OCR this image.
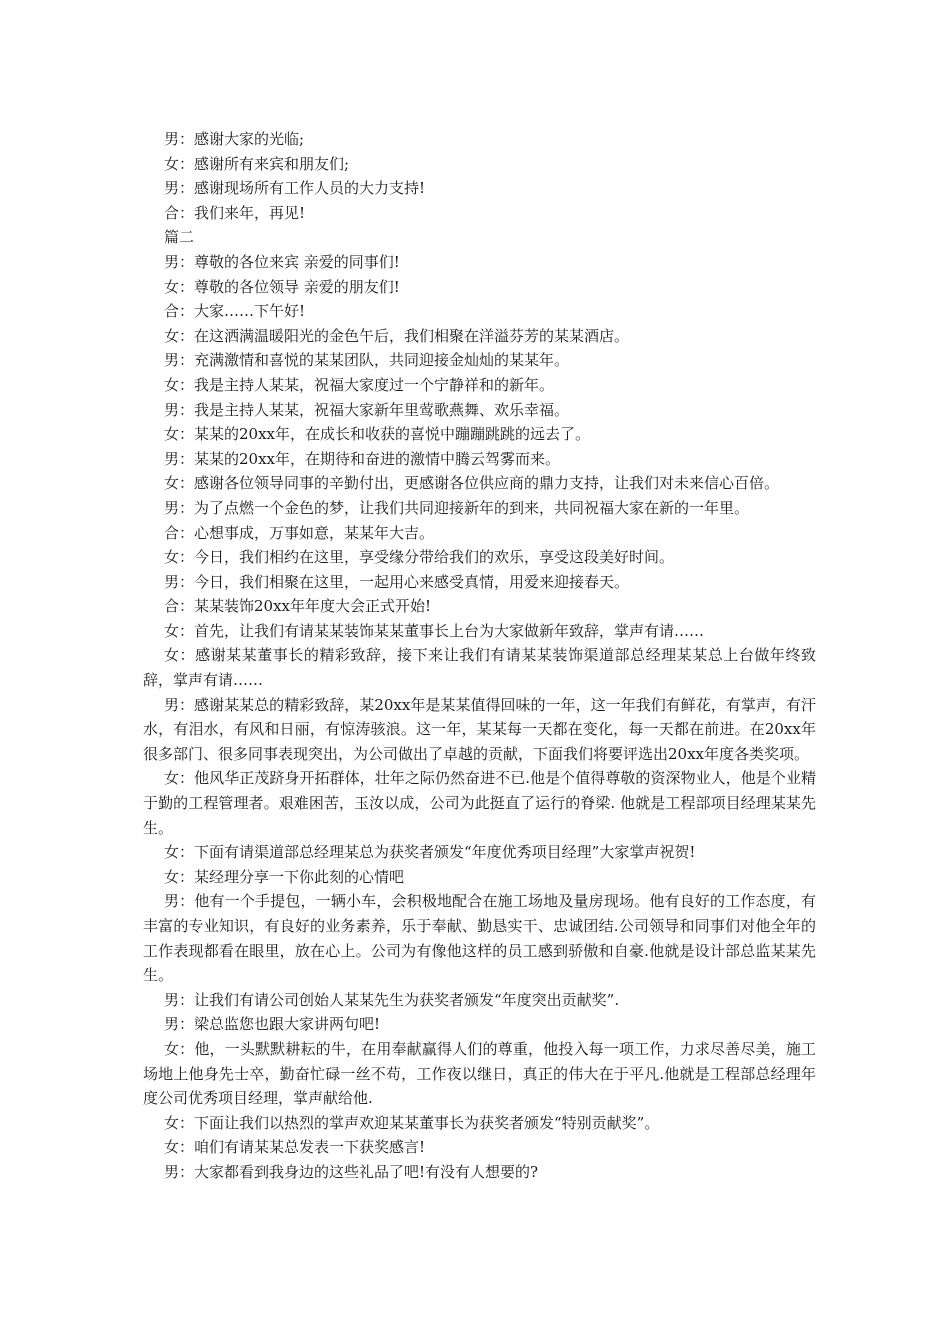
男：感谢大家的光临;

女：感谢所有来宾和朋友们;

男：感谢现场所有工作人员的大力支持!

合：我们来年，再见!

篇二

男：尊敬的各位来宾 亲爱的同事们!

女：尊敬的各位领导 亲爱的朋友们!

合：大家……下午好!

女：在这洒满温暖阳光的金色午后，我们相聚在洋溢芬芳的某某酒店。

男：充满激情和喜悦的某某团队，共同迎接金灿灿的某某年。

女：我是主持人某某，祝福大家度过一个宁静祥和的新年。

男：我是主持人某某，祝福大家新年里莺歌燕舞、欢乐幸福。

女：某某的20xx年，在成长和收获的喜悦中蹦蹦跳跳的远去了。

男：某某的20xx年，在期待和奋进的激情中腾云驾雾而来。

女：感谢各位领导同事的辛勤付出，更感谢各位供应商的鼎力支持，让我们对未来信心百倍。

男：为了点燃一个金色的梦，让我们共同迎接新年的到来，共同祝福大家在新的一年里。

合：心想事成，万事如意，某某年大吉。

女：今日，我们相约在这里，享受缘分带给我们的欢乐，享受这段美好时间。

男：今日，我们相聚在这里，一起用心来感受真情，用爱来迎接春天。

合：某某装饰20xx年年度大会正式开始!

女：首先，让我们有请某某装饰某某董事长上台为大家做新年致辞，掌声有请……

女：感谢某某董事长的精彩致辞，接下来让我们有请某某装饰渠道部总经理某某总上台做年终致辞，掌声有请……

男：感谢某某总的精彩致辞，某20xx年是某某值得回味的一年，这一年我们有鲜花，有掌声，有汗水，有泪水，有风和日丽，有惊涛骇浪。这一年，某某每一天都在变化，每一天都在前进。在20xx年很多部门、很多同事表现突出，为公司做出了卓越的贡献，下面我们将要评选出20xx年度各类奖项。

女：他风华正茂跻身开拓群体，壮年之际仍然奋进不已.他是个值得尊敬的资深物业人，他是个业精于勤的工程管理者。艰难困苦，玉汝以成，公司为此挺直了运行的脊梁. 他就是工程部项目经理某某先生。

女：下面有请渠道部总经理某总为获奖者颁发“年度优秀项目经理”大家掌声祝贺!

女：某经理分享一下你此刻的心情吧

男：他有一个手提包，一辆小车，会积极地配合在施工场地及量房现场。他有良好的工作态度，有丰富的专业知识，有良好的业务素养，乐于奉献、勤恳实干、忠诚团结.公司领导和同事们对他全年的工作表现都看在眼里，放在心上。公司为有像他这样的员工感到骄傲和自豪.他就是设计部总监某某先生。

男：让我们有请公司创始人某某先生为获奖者颁发“年度突出贡献奖”.

男：梁总监您也跟大家讲两句吧!

女：他，一头默默耕耘的牛，在用奉献赢得人们的尊重，他投入每一项工作，力求尽善尽美，施工场地上他身先士卒，勤奋忙碌一丝不苟，工作夜以继日，真正的伟大在于平凡.他就是工程部总经理年度公司优秀项目经理，掌声献给他.

女：下面让我们以热烈的掌声欢迎某某董事长为获奖者颁发“特别贡献奖”。

女：咱们有请某某总发表一下获奖感言!

男：大家都看到我身边的这些礼品了吧!有没有人想要的?
